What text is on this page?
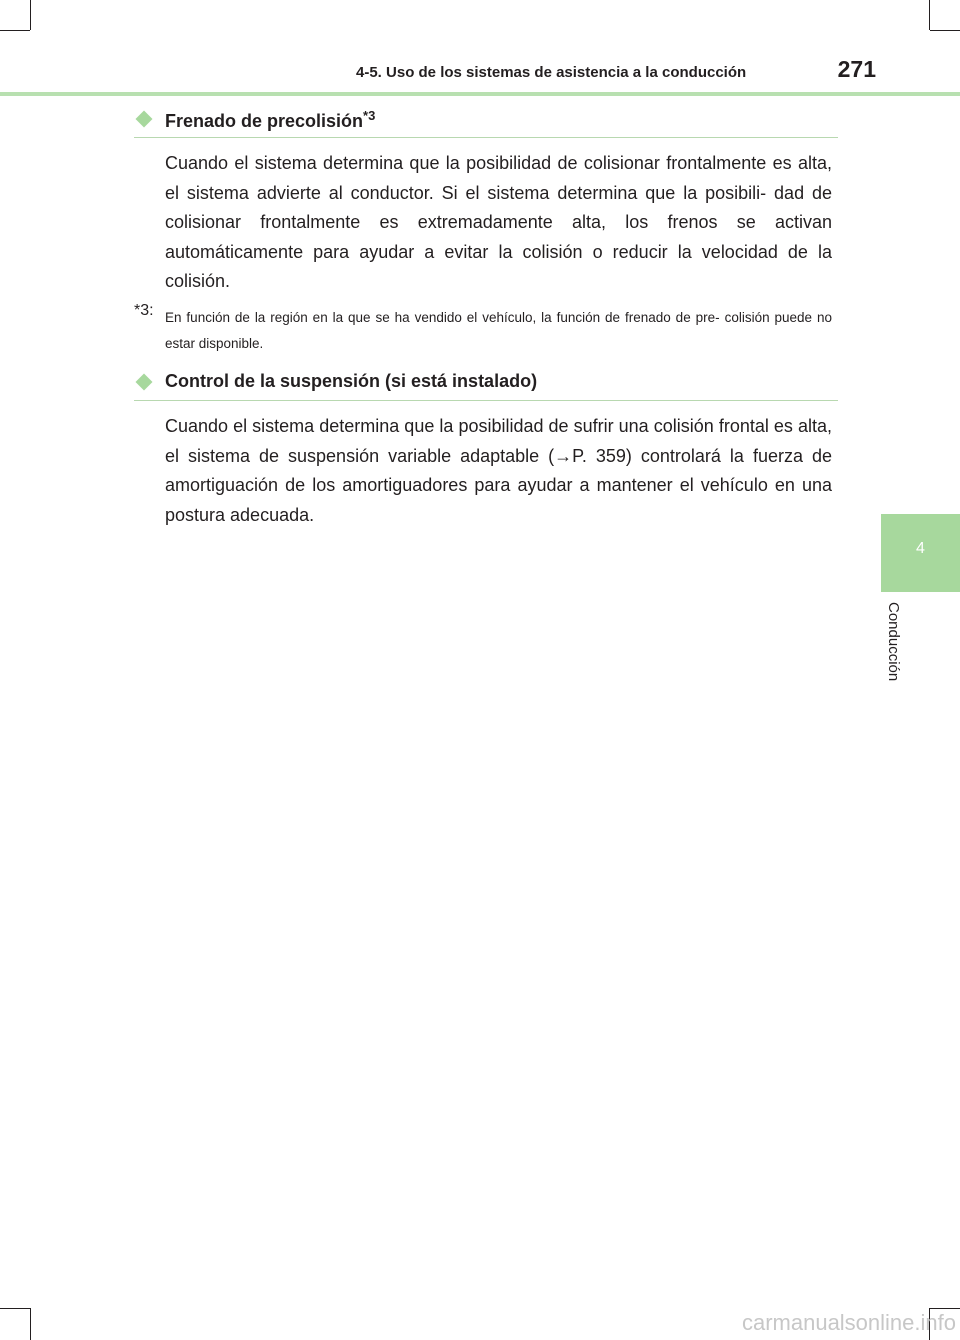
4-5. Uso de los sistemas de asistencia a la conducción	271
Frenado de precolisión$^{*3}$

Cuando el sistema determina que la posibilidad de colisionar frontalmente es alta, el sistema advierte al conductor. Si el sistema determina que la posibili- dad de colisionar frontalmente es extremadamente alta, los frenos se activan automáticamente para ayudar a evitar la colisión o reducir la velocidad de la colisión.

*3: En función de la región en la que se ha vendido el vehículo, la función de frenado de pre- colisión puede no estar disponible.

Control de la suspensión (si está instalado)

Cuando el sistema determina que la posibilidad de sufrir una colisión frontal es alta, el sistema de suspensión variable adaptable (→P. 359) controlará la fuerza de amortiguación de los amortiguadores para ayudar a mantener el vehículo en una postura adecuada.

4
Conducción
carmanualsonline.info
